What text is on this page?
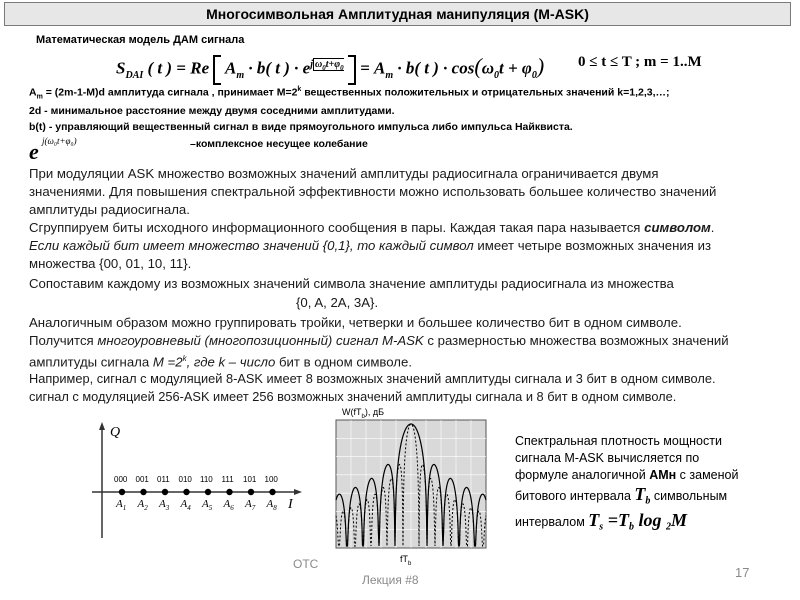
Многосимвольная Амплитудная манипуляция (M-ASK)
Математическая модель ДАМ сигнала
$S_{DAI}$ ( t ) = Re $A_m \cdot b$( t ) · $e^{j \omega_0t+\varphi_0} = A_m \cdot b$( t ) · $\cos(\omega_0t + \varphi_0) 0 \le t \le T$ ; m = 1..M
$A_m = (2m-1-M)d$ амплитуда сигнала , принимает $M=2^k$ вещественных положительных и отрицательных значений k=1,2,3,…;
2d - минимальное расстояние между двумя соседними амплитудами.
b(t) - управляющий вещественный сигнал в виде прямоугольного импульса либо импульса Найквиста.
e j(ω₀t+φ₀)	–комплексное несущее колебание
При модуляции ASK множество возможных значений амплитуды радиосигнала ограничивается двумя
значениями. Для повышения спектральной эффективности можно использовать большее количество значений
амплитуды радиосигнала.
Сгруппируем биты исходного информационного сообщения в пары. Каждая такая пара называется символом.
Если каждый бит имеет множество значений {0,1}, то каждый символ имеет четыре возможных значения из
множества {00, 01, 10, 11}.
Сопоставим каждому из возможных значений символа значение амплитуды радиосигнала из множества
{0, A, 2A, 3A}.
Аналогичным образом можно группировать тройки, четверки и большее количество бит в одном символе.
Получится многоуровневый (многопозиционный) сигнал M-ASK с размерностью множества возможных значений
амплитуды сигнала $M =2^k$, где k – число бит в одном символе.
Например, сигнал с модуляцией 8-ASK имеет 8 возможных значений амплитуды сигнала и 3 бит в одном символе.
сигнал с модуляцией 256-ASK имеет 256 возможных значений амплитуды сигнала и 8 бит в одном символе.
Q
I
000
$A_1$
001
$A_2$
011
$A_3$
010
$A_4$
110
$A_5$
111
$A_6$
101
$A_7$
100
$A_8$
$W(fT_b)$, дБ
$fT_b$
Спектральная плотность мощности
сигнала M-ASK вычисляется по
формуле аналогичной АМн с заменой
битового интервала $T_b$ символьным
интервалом $T_s =T_b$ log $_2$M
ОТС
Лекция #8	17
